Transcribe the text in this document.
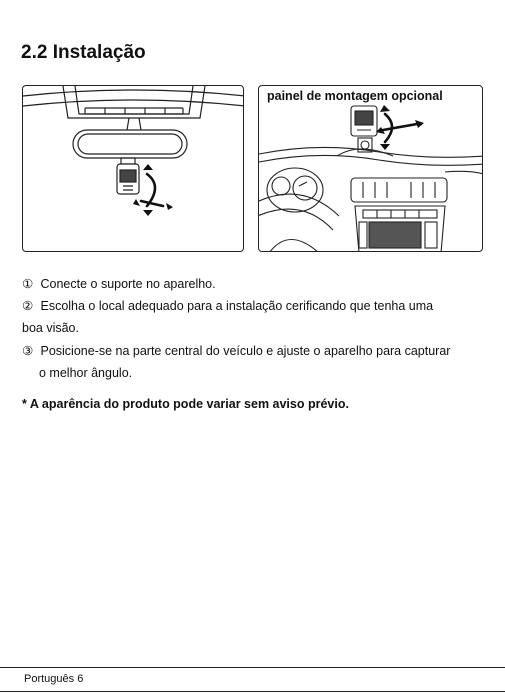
2.2 Instalação
painel de montagem opcional
① Conecte o suporte no aparelho.
② Escolha o local adequado para a instalação cerificando que tenha uma
boa visão.
③ Posicione-se na parte central do veículo e ajuste o aparelho para capturar
o melhor ângulo.
* A aparência do produto pode variar sem aviso prévio.
Português 6
